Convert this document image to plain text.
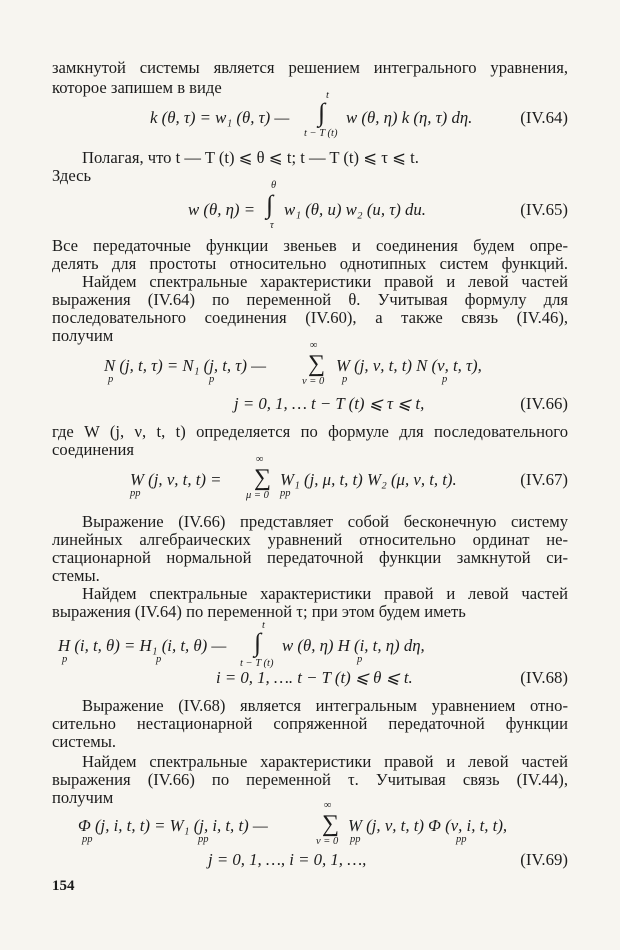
замкнутой системы является решением интегрального уравнения,
которое запишем в виде
k (θ, τ) = w₁ (θ, τ) —
t
∫
t − T (t)
w (θ, η) k (η, τ) dη.	(IV.64)
Полагая, что t — T (t) ⩽ θ ⩽ t; t — T (t) ⩽ τ ⩽ t.
Здесь
w (θ, η) =
θ
∫
τ
w₁ (θ, u) w₂ (u, τ) du.	(IV.65)
Все передаточные функции звеньев и соединения будем опре-
делять для простоты относительно однотипных систем функций.
Найдем спектральные характеристики правой и левой частей
выражения (IV.64) по переменной θ. Учитывая формулу для
последовательного соединения (IV.60), а также связь (IV.46),
получим
N (j, t, τ) = N₁ (j, t, τ) —
p	p
∞
∑
ν = 0
W (j, ν, t, t) N (ν, t, τ),
p	p
j = 0, 1, … t − T (t) ⩽ τ ⩽ t,	(IV.66)
где W (j, ν, t, t) определяется по формуле для последовательного
соединения
W (j, ν, t, t) =
pp
∞
∑
μ = 0
W₁ (j, μ, t, t) W₂ (μ, ν, t, t).
pp
(IV.67)
Выражение (IV.66) представляет собой бесконечную систему
линейных алгебраических уравнений относительно ординат не-
стационарной нормальной передаточной функции замкнутой си-
стемы.
Найдем спектральные характеристики правой и левой частей
выражения (IV.64) по переменной τ; при этом будем иметь
H (i, t, θ) = H₁ (i, t, θ) —
p	p
t
∫
t − T (t)
w (θ, η) H (i, t, η) dη,
p
i = 0, 1, …. t − T (t) ⩽ θ ⩽ t.	(IV.68)
Выражение (IV.68) является интегральным уравнением отно-
сительно нестационарной сопряженной передаточной функции
системы.
Найдем спектральные характеристики правой и левой частей
выражения (IV.66) по переменной τ. Учитывая связь (IV.44),
получим
Φ (j, i, t, t) = W₁ (j, i, t, t) —
pp	pp
∞
∑
ν = 0
W (j, ν, t, t) Φ (ν, i, t, t),
pp	pp
j = 0, 1, …, i = 0, 1, …,	(IV.69)
154
